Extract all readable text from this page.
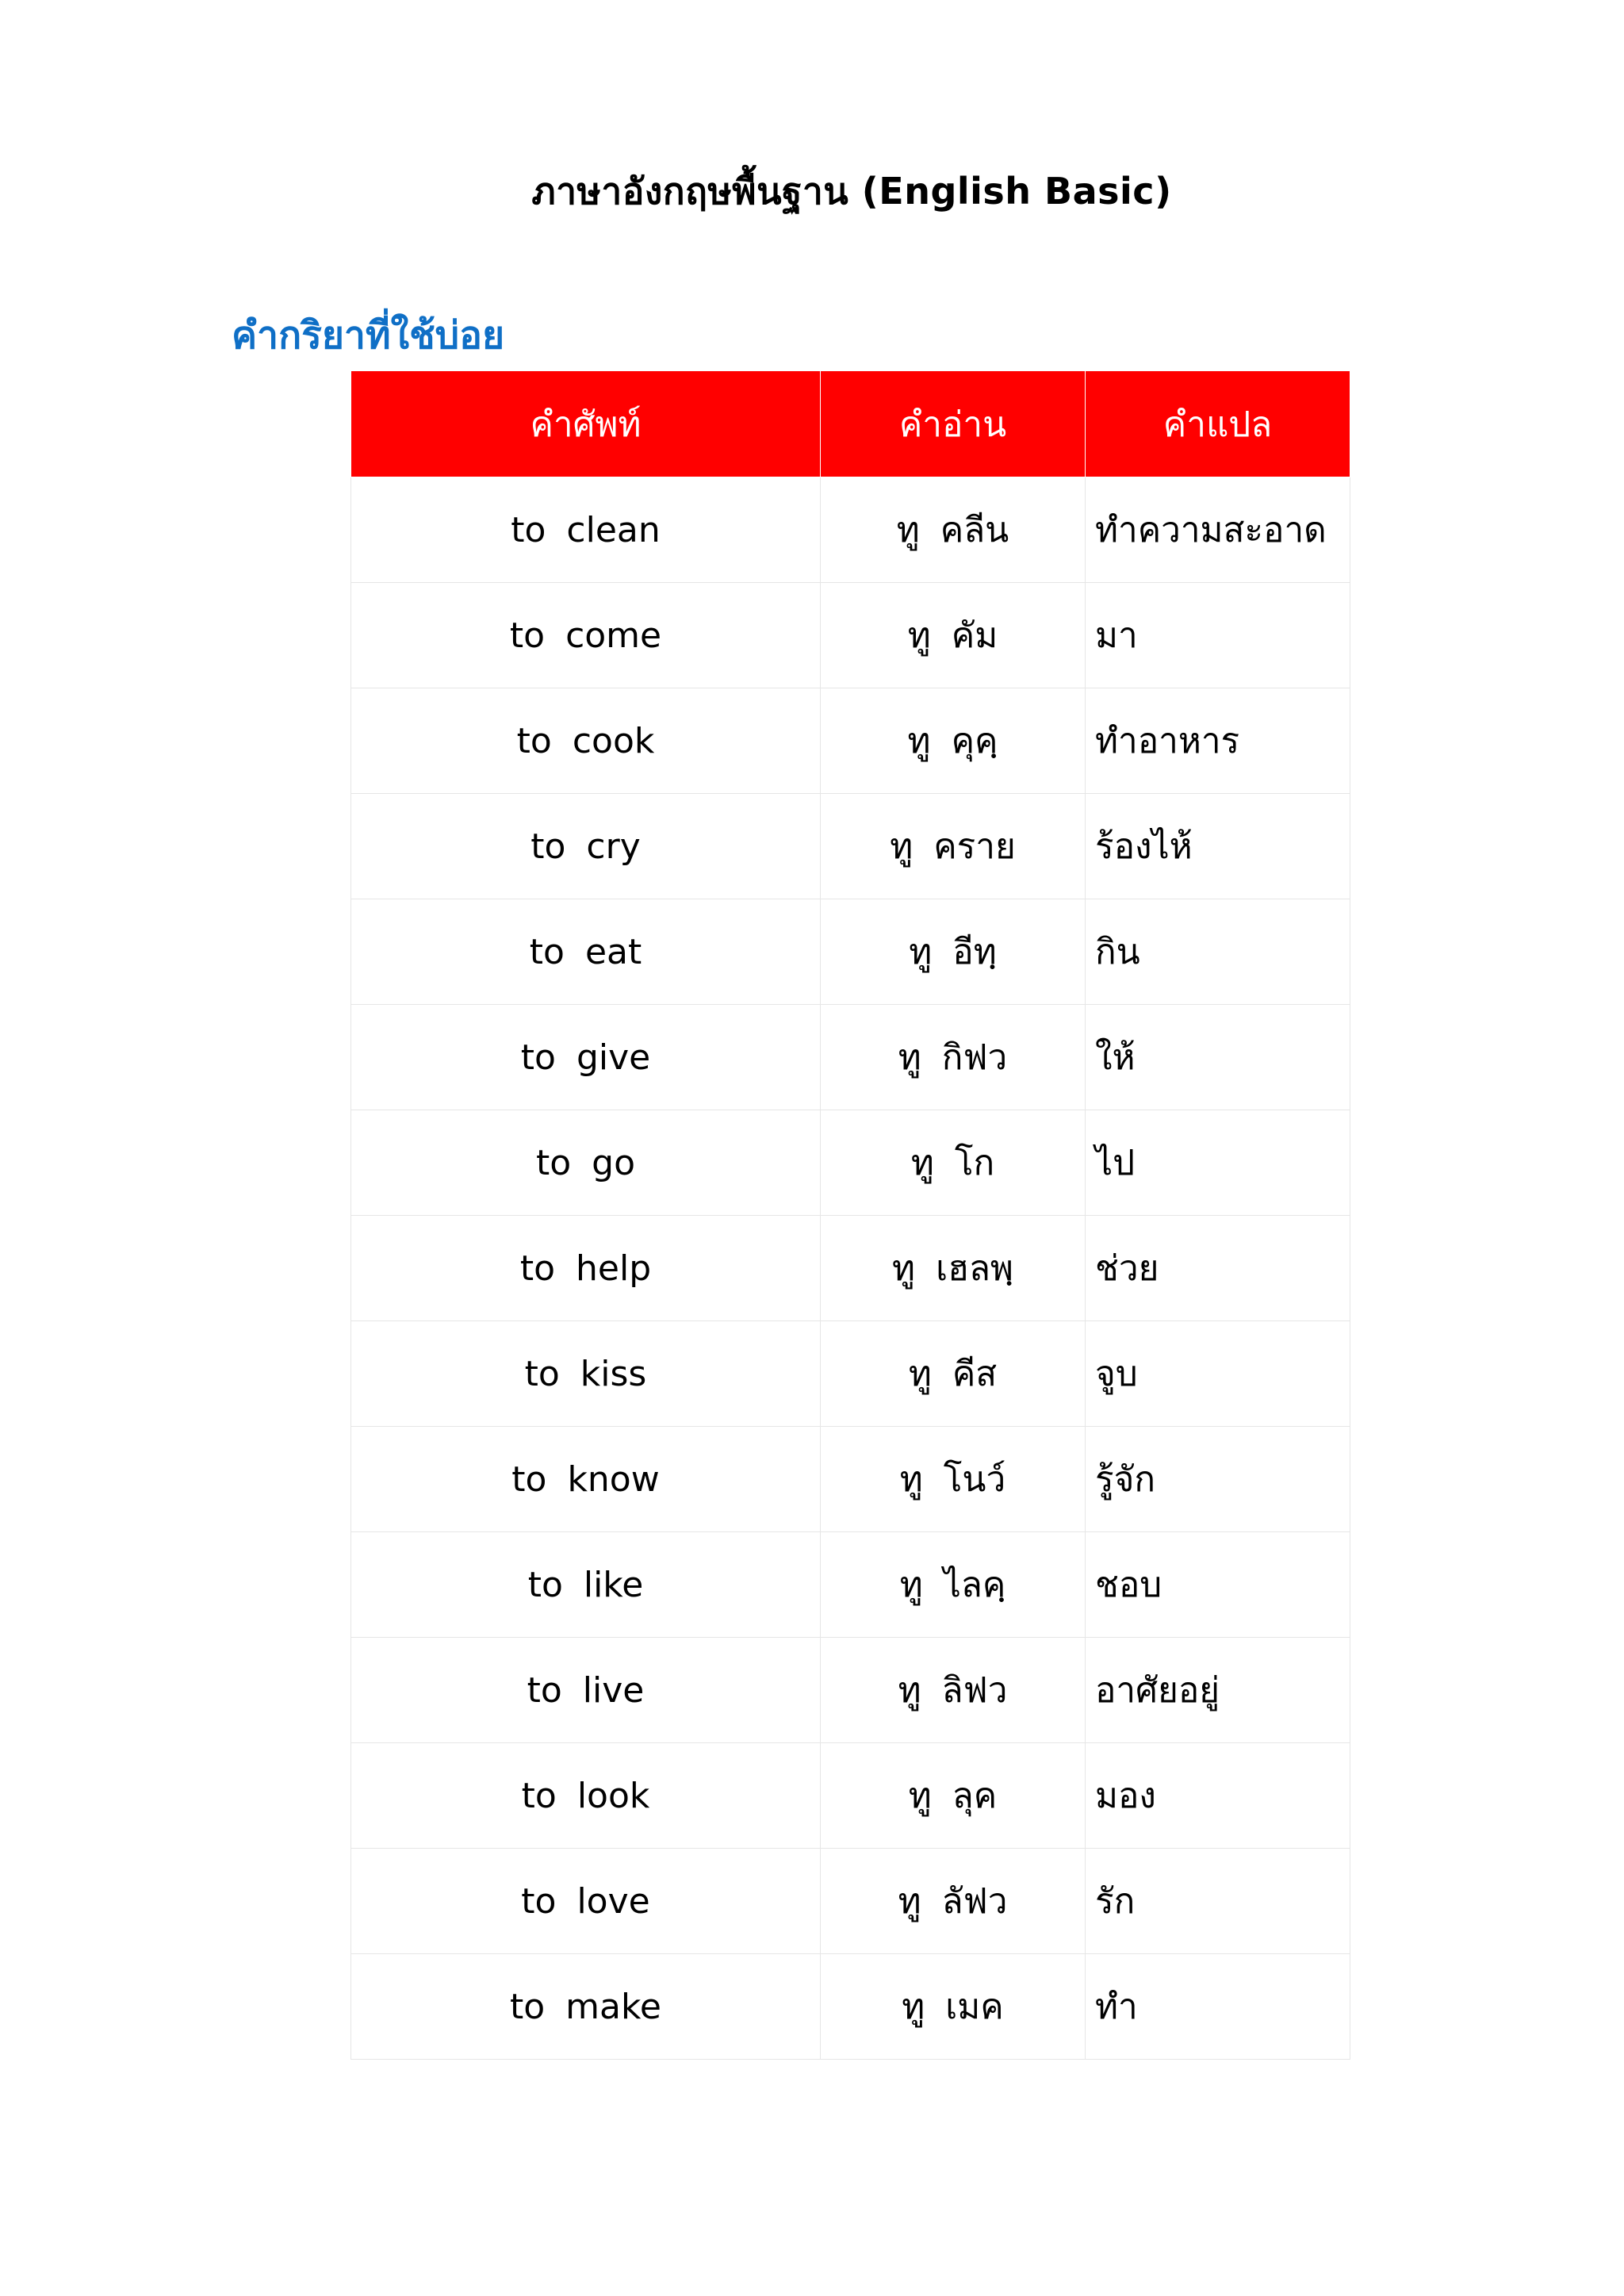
ภาษาอังกฤษพื้นฐาน (English Basic)
คำกริยาที่ใช้บ่อย
คำศัพท์	คำอ่าน	คำแปล
to clean	ทู คลีน	ทำความสะอาด
to come	ทู คัม	มา
to cook	ทู คุคฺ	ทำอาหาร
to cry	ทู คราย	ร้องไห้
to eat	ทู อีทฺ	กิน
to give	ทู กิฟว	ให้
to go	ทู โก	ไป
to help	ทู เฮลพฺ	ช่วย
to kiss	ทู คีส	จูบ
to know	ทู โนว์	รู้จัก
to like	ทู ไลคฺ	ชอบ
to live	ทู ลิฟว	อาศัยอยู่
to look	ทู ลุค	มอง
to love	ทู ลัฟว	รัก
to make	ทู เมค	ทำ
